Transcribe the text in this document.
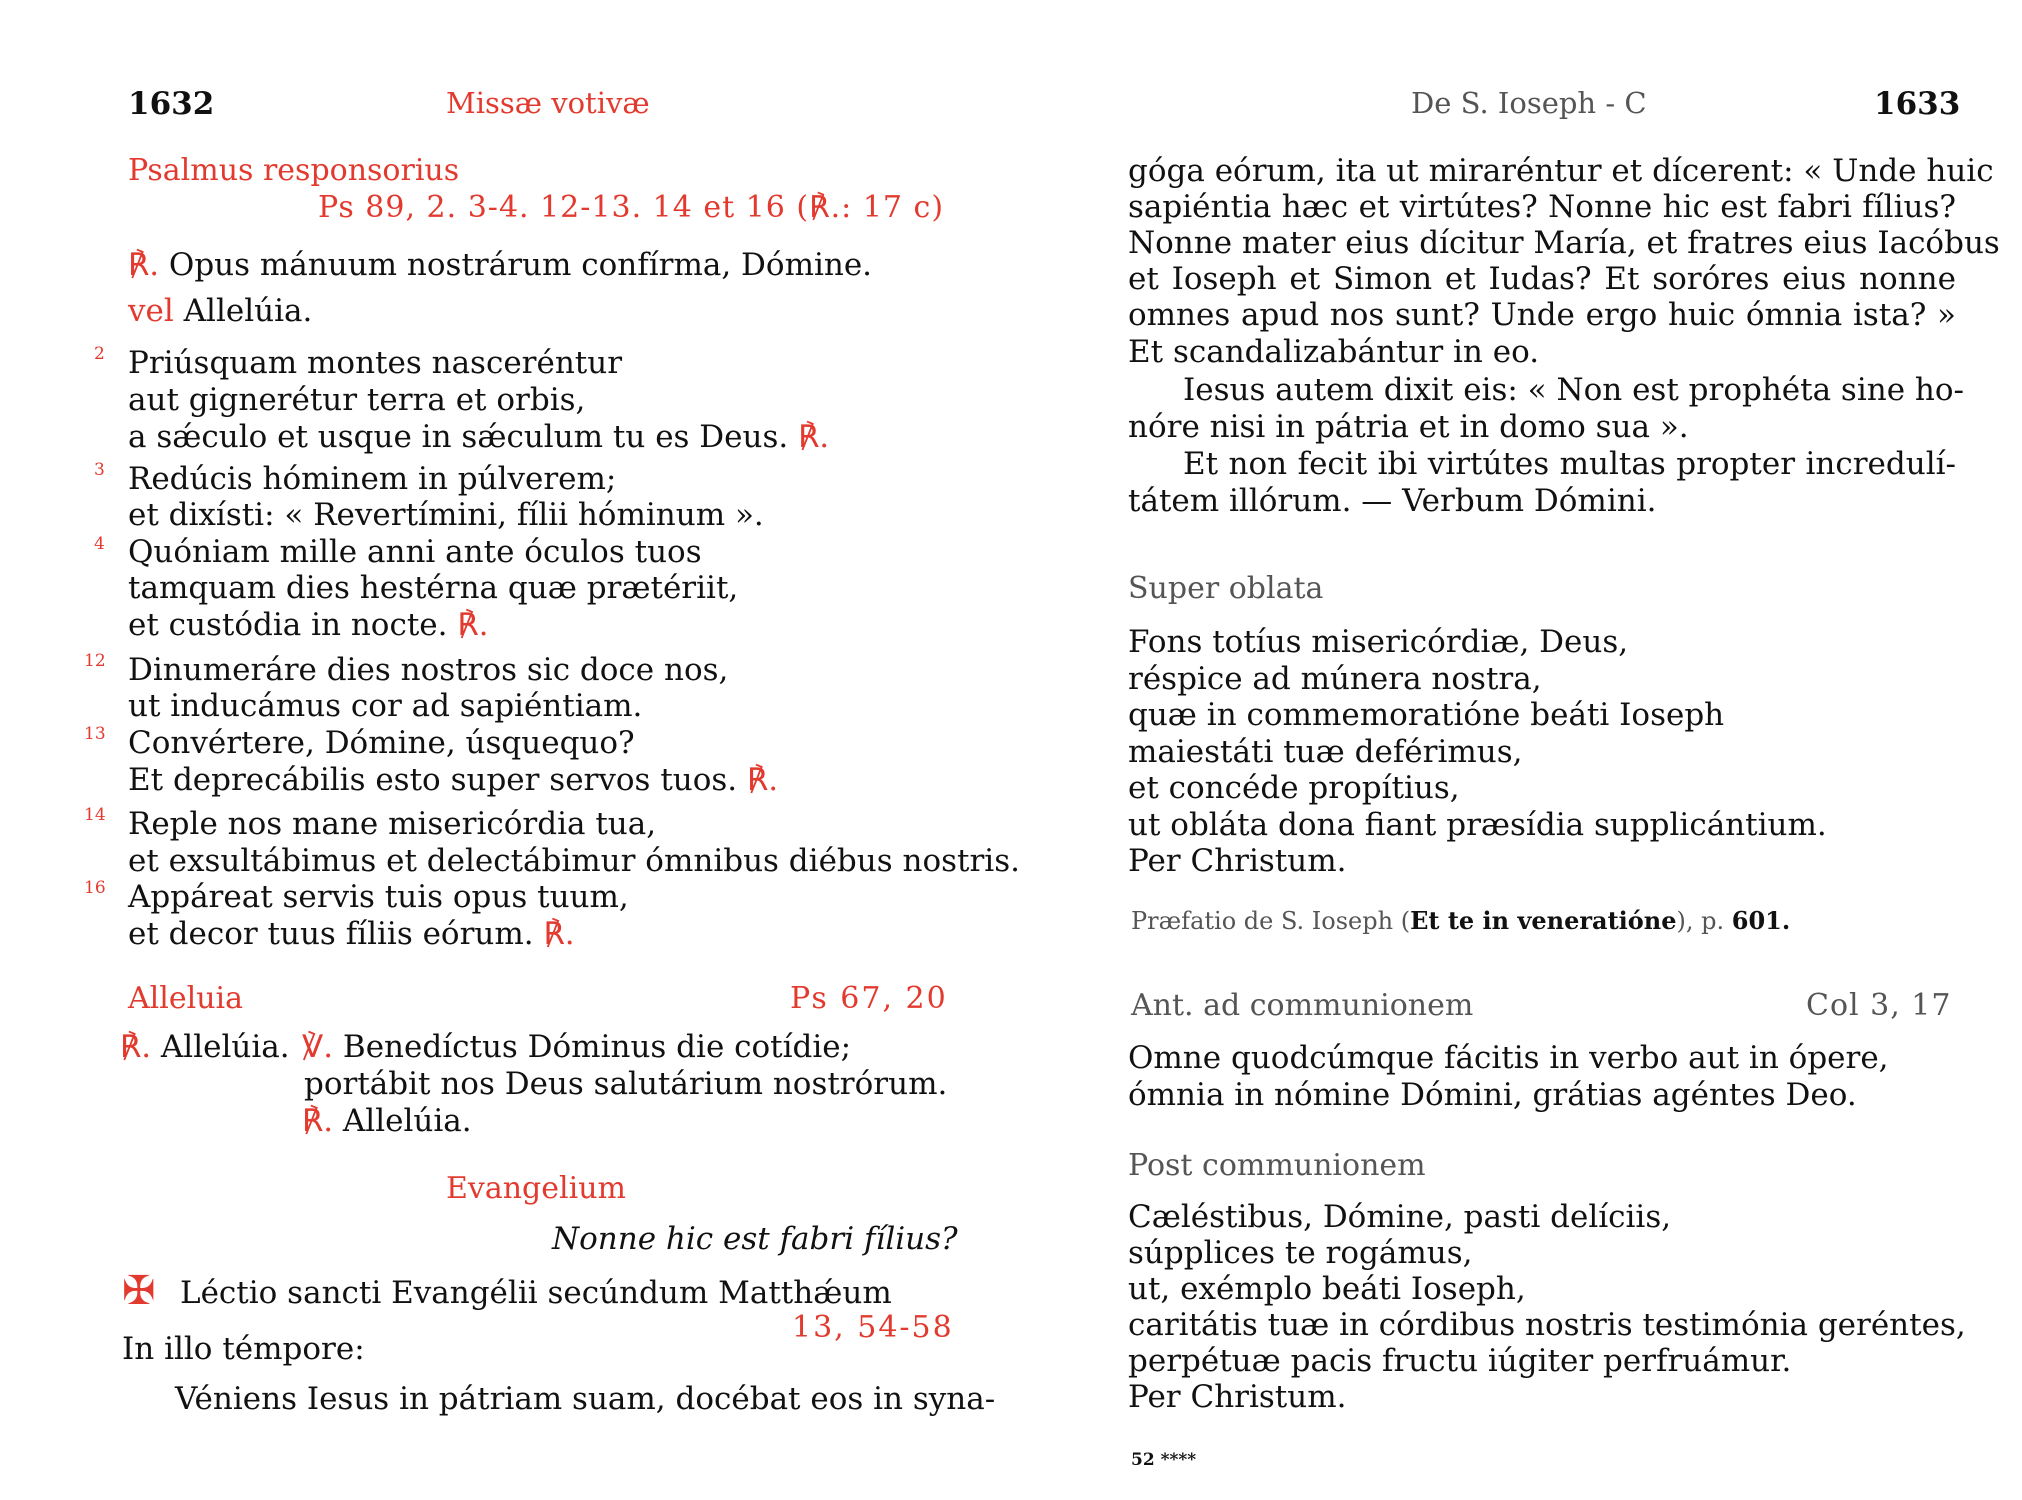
1632	Missæ votivæ
Psalmus responsorius
Ps 89, 2. 3-4. 12-13. 14 et 16 (℟.: 17 c)
℟. Opus mánuum nostrárum confírma, Dómine.
vel Allelúia.
2 Priúsquam montes nasceréntur
aut gignerétur terra et orbis,
a sǽculo et usque in sǽculum tu es Deus. ℟.
3 Redúcis hóminem in púlverem;
et dixísti: « Revertímini, fílii hóminum ».
4 Quóniam mille anni ante óculos tuos
tamquam dies hestérna quæ prætériit,
et custódia in nocte. ℟.
12 Dinumeráre dies nostros sic doce nos,
ut inducámus cor ad sapiéntiam.
13 Convértere, Dómine, úsquequo?
Et deprecábilis esto super servos tuos. ℟.
14 Reple nos mane misericórdia tua,
et exsultábimus et delectábimur ómnibus diébus nostris.
16 Appáreat servis tuis opus tuum,
et decor tuus fíliis eórum. ℟.
Alleluia	Ps 67, 20
℟. Allelúia. ℣. Benedíctus Dóminus die cotídie;
portábit nos Deus salutárium nostrórum.
℟. Allelúia.
Evangelium
Nonne hic est fabri fílius?
✠ Léctio sancti Evangélii secúndum Matthǽum
13, 54-58
In illo témpore:
Véniens Iesus in pátriam suam, docébat eos in syna-
De S. Ioseph - C	1633
góga eórum, ita ut miraréntur et dícerent: « Unde huic
sapiéntia hæc et virtútes? Nonne hic est fabri fílius?
Nonne mater eius dícitur María, et fratres eius Iacóbus
et Ioseph et Simon et Iudas? Et soróres eius nonne
omnes apud nos sunt? Unde ergo huic ómnia ista? »
Et scandalizabántur in eo.
Iesus autem dixit eis: « Non est prophéta sine ho-
nóre nisi in pátria et in domo sua ».
Et non fecit ibi virtútes multas propter incredulí-
tátem illórum. — Verbum Dómini.
Super oblata
Fons totíus misericórdiæ, Deus,
réspice ad múnera nostra,
quæ in commemoratióne beáti Ioseph
maiestáti tuæ deférimus,
et concéde propítius,
ut obláta dona fiant præsídia supplicántium.
Per Christum.
Præfatio de S. Ioseph (Et te in veneratióne), p. 601.
Ant. ad communionem	Col 3, 17
Omne quodcúmque fácitis in verbo aut in ópere,
ómnia in nómine Dómini, grátias agéntes Deo.
Post communionem
Cæléstibus, Dómine, pasti delíciis,
súpplices te rogámus,
ut, exémplo beáti Ioseph,
caritátis tuæ in córdibus nostris testimónia geréntes,
perpétuæ pacis fructu iúgiter perfruámur.
Per Christum.
52 ****
